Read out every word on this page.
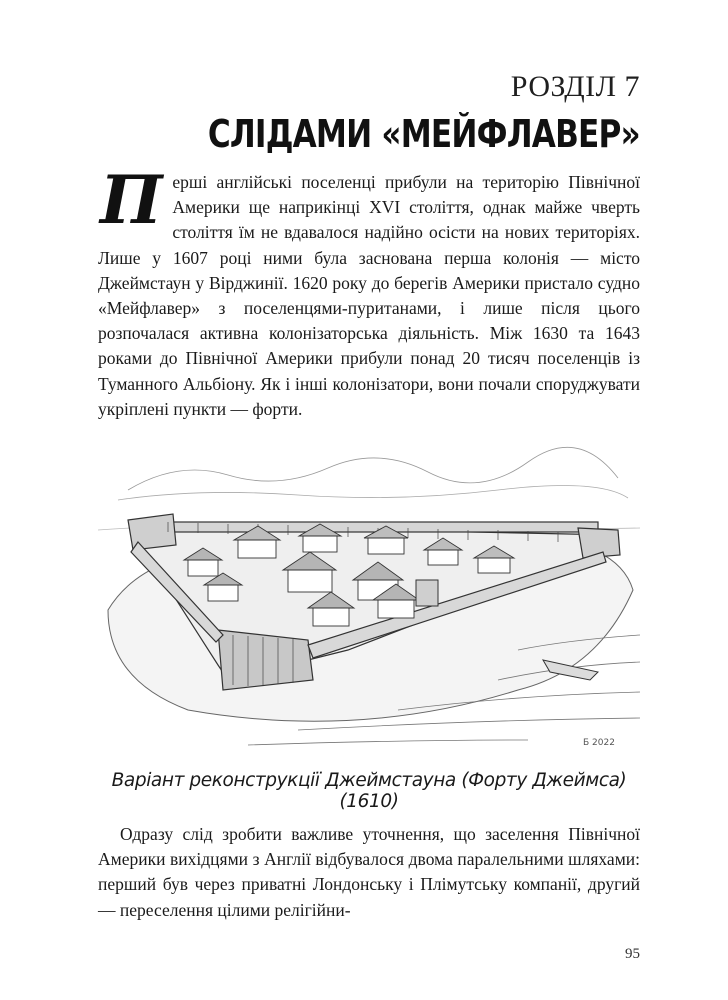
РОЗДІЛ 7
СЛІДАМИ «МЕЙФЛАВЕР»
Перші англійські поселенці прибули на територію Північної Америки ще наприкінці XVI століття, однак майже чверть століття їм не вдавалося надійно осісти на нових територіях. Лише у 1607 році ними була заснована перша колонія — місто Джеймстаун у Вірджинії. 1620 року до берегів Америки пристало судно «Мейфлавер» з поселенцями-пуританами, і лише після цього розпочалася активна колонізаторська діяльність. Між 1630 та 1643 роками до Північної Америки прибули понад 20 тисяч поселенців із Туманного Альбіону. Як і інші колонізатори, вони почали споруджувати укріплені пункти — форти.
Б 2022
Варіант реконструкції Джеймстауна (Форту Джеймса) (1610)
Одразу слід зробити важливе уточнення, що заселення Північної Америки вихідцями з Англії відбувалося двома паралельними шляхами: перший був через приватні Лондонську і Плімутську компанії, другий — переселення цілими релігійни-
95
